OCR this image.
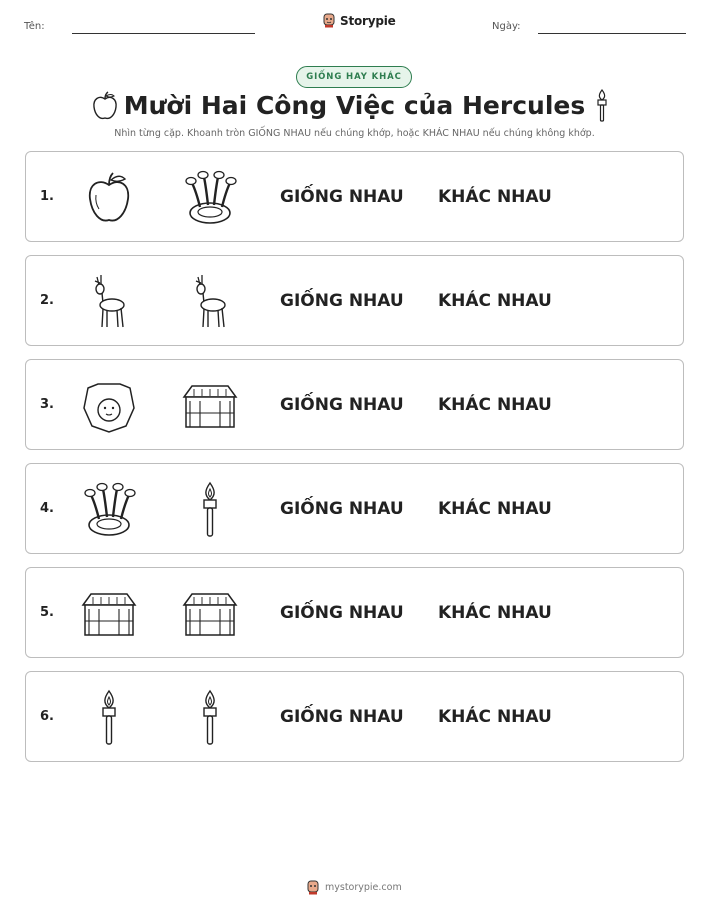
Tên:	Storypie	Ngày:
GIỐNG HAY KHÁC
Mười Hai Công Việc của Hercules
Nhìn từng cặp. Khoanh tròn GIỐNG NHAU nếu chúng khớp, hoặc KHÁC NHAU nếu chúng không khớp.
1.	GIỐNG NHAU KHÁC NHAU
2.	GIỐNG NHAU KHÁC NHAU
3.	GIỐNG NHAU KHÁC NHAU
4.	GIỐNG NHAU KHÁC NHAU
5.	GIỐNG NHAU KHÁC NHAU
6.	GIỐNG NHAU KHÁC NHAU
mystorypie.com
